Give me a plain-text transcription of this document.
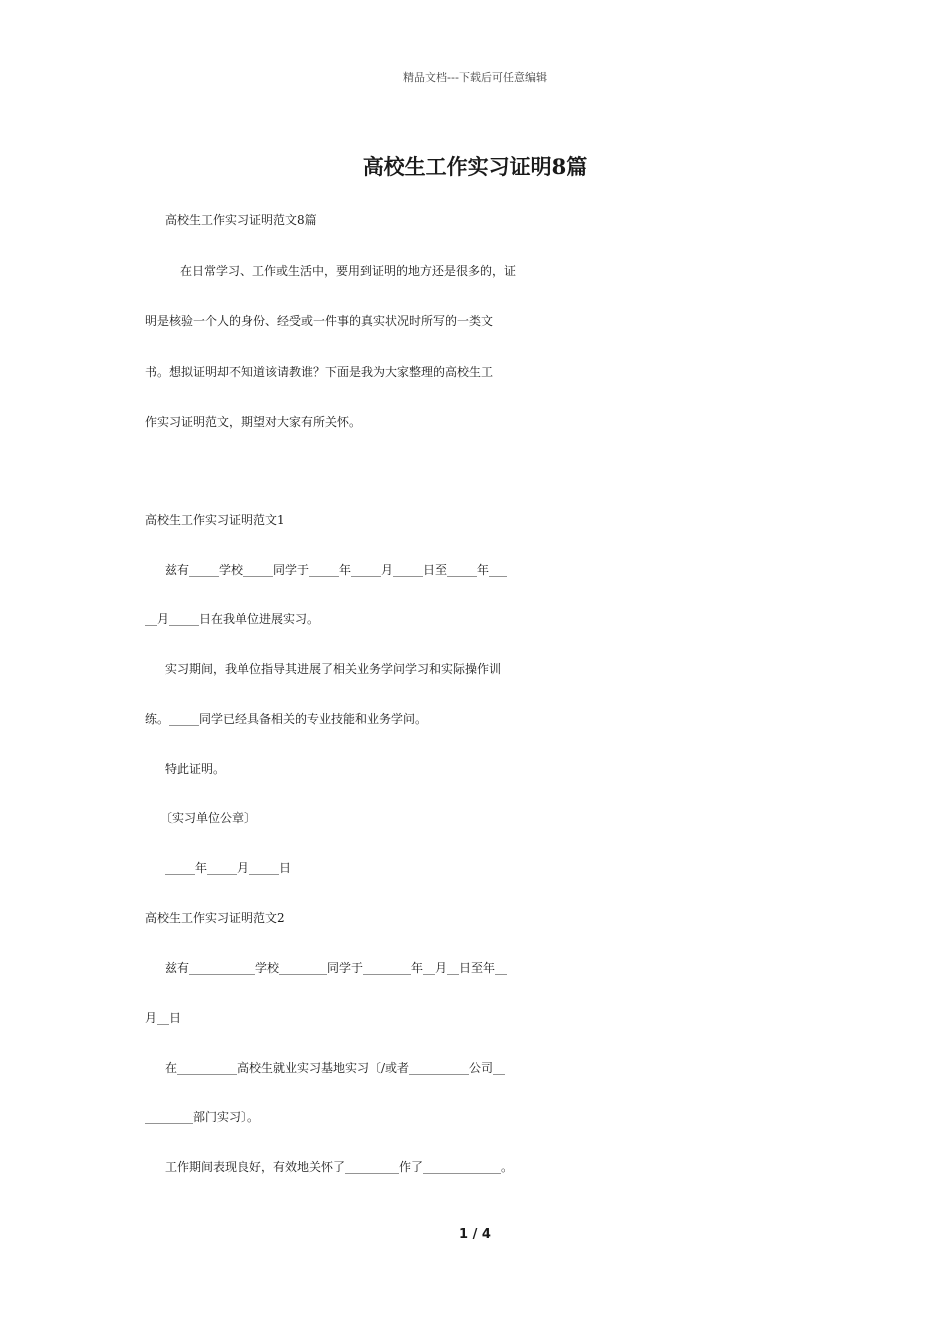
精品文档---下载后可任意编辑
高校生工作实习证明8篇
高校生工作实习证明范文8篇
在日常学习、工作或生活中，要用到证明的地方还是很多的，证
明是核验一个人的身份、经受或一件事的真实状况时所写的一类文
书。想拟证明却不知道该请教谁？下面是我为大家整理的高校生工
作实习证明范文，期望对大家有所关怀。
高校生工作实习证明范文1
兹有_____学校_____同学于_____年_____月_____日至_____年___
__月_____日在我单位进展实习。
实习期间，我单位指导其进展了相关业务学问学习和实际操作训
练。_____同学已经具备相关的专业技能和业务学问。
特此证明。
〔实习单位公章〕
_____年_____月_____日
高校生工作实习证明范文2
兹有___________学校________同学于________年__月__日至年__
月__日
在__________高校生就业实习基地实习〔/或者__________公司__
________部门实习〕。
工作期间表现良好，有效地关怀了_________作了_____________。
1 / 4
